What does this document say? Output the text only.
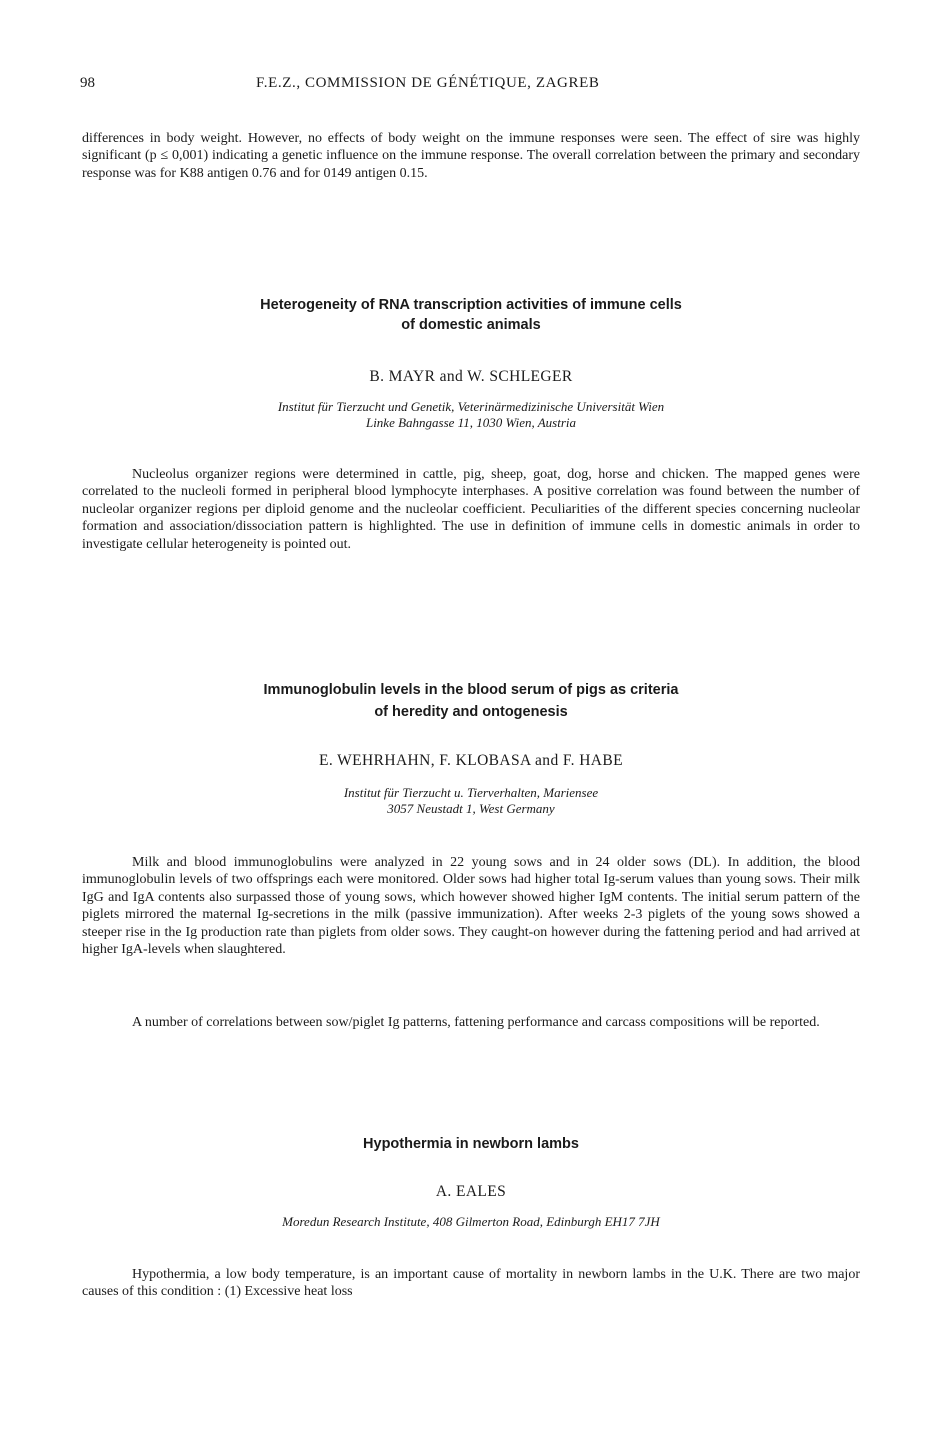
98	F.E.Z., COMMISSION DE GÉNÉTIQUE, ZAGREB

differences in body weight. However, no effects of body weight on the immune responses were seen. The effect of sire was highly significant (p ≤ 0,001) indicating a genetic influence on the immune response. The overall correlation between the primary and secondary response was for K88 antigen 0.76 and for 0149 antigen 0.15.

Heterogeneity of RNA transcription activities of immune cells

of domestic animals

B. MAYR and W. SCHLEGER

Institut für Tierzucht und Genetik, Veterinärmedizinische Universität Wien

Linke Bahngasse 11, 1030 Wien, Austria

Nucleolus organizer regions were determined in cattle, pig, sheep, goat, dog, horse and chicken. The mapped genes were correlated to the nucleoli formed in peripheral blood lymphocyte interphases. A positive correlation was found between the number of nucleolar organizer regions per diploid genome and the nucleolar coefficient. Peculiarities of the different species concerning nucleolar formation and association/dissociation pattern is highlighted. The use in definition of immune cells in domestic animals in order to investigate cellular heterogeneity is pointed out.

Immunoglobulin levels in the blood serum of pigs as criteria

of heredity and ontogenesis

E. WEHRHAHN, F. KLOBASA and F. HABE

Institut für Tierzucht u. Tierverhalten, Mariensee

3057 Neustadt 1, West Germany

Milk and blood immunoglobulins were analyzed in 22 young sows and in 24 older sows (DL). In addition, the blood immunoglobulin levels of two offsprings each were monitored. Older sows had higher total Ig-serum values than young sows. Their milk IgG and IgA contents also surpassed those of young sows, which however showed higher IgM contents. The initial serum pattern of the piglets mirrored the maternal Ig-secretions in the milk (passive immunization). After weeks 2-3 piglets of the young sows showed a steeper rise in the Ig production rate than piglets from older sows. They caught-on however during the fattening period and had arrived at higher IgA-levels when slaughtered.

A number of correlations between sow/piglet Ig patterns, fattening performance and carcass compositions will be reported.

Hypothermia in newborn lambs

A. EALES

Moredun Research Institute, 408 Gilmerton Road, Edinburgh EH17 7JH

Hypothermia, a low body temperature, is an important cause of mortality in newborn lambs in the U.K. There are two major causes of this condition : (1) Excessive heat loss
